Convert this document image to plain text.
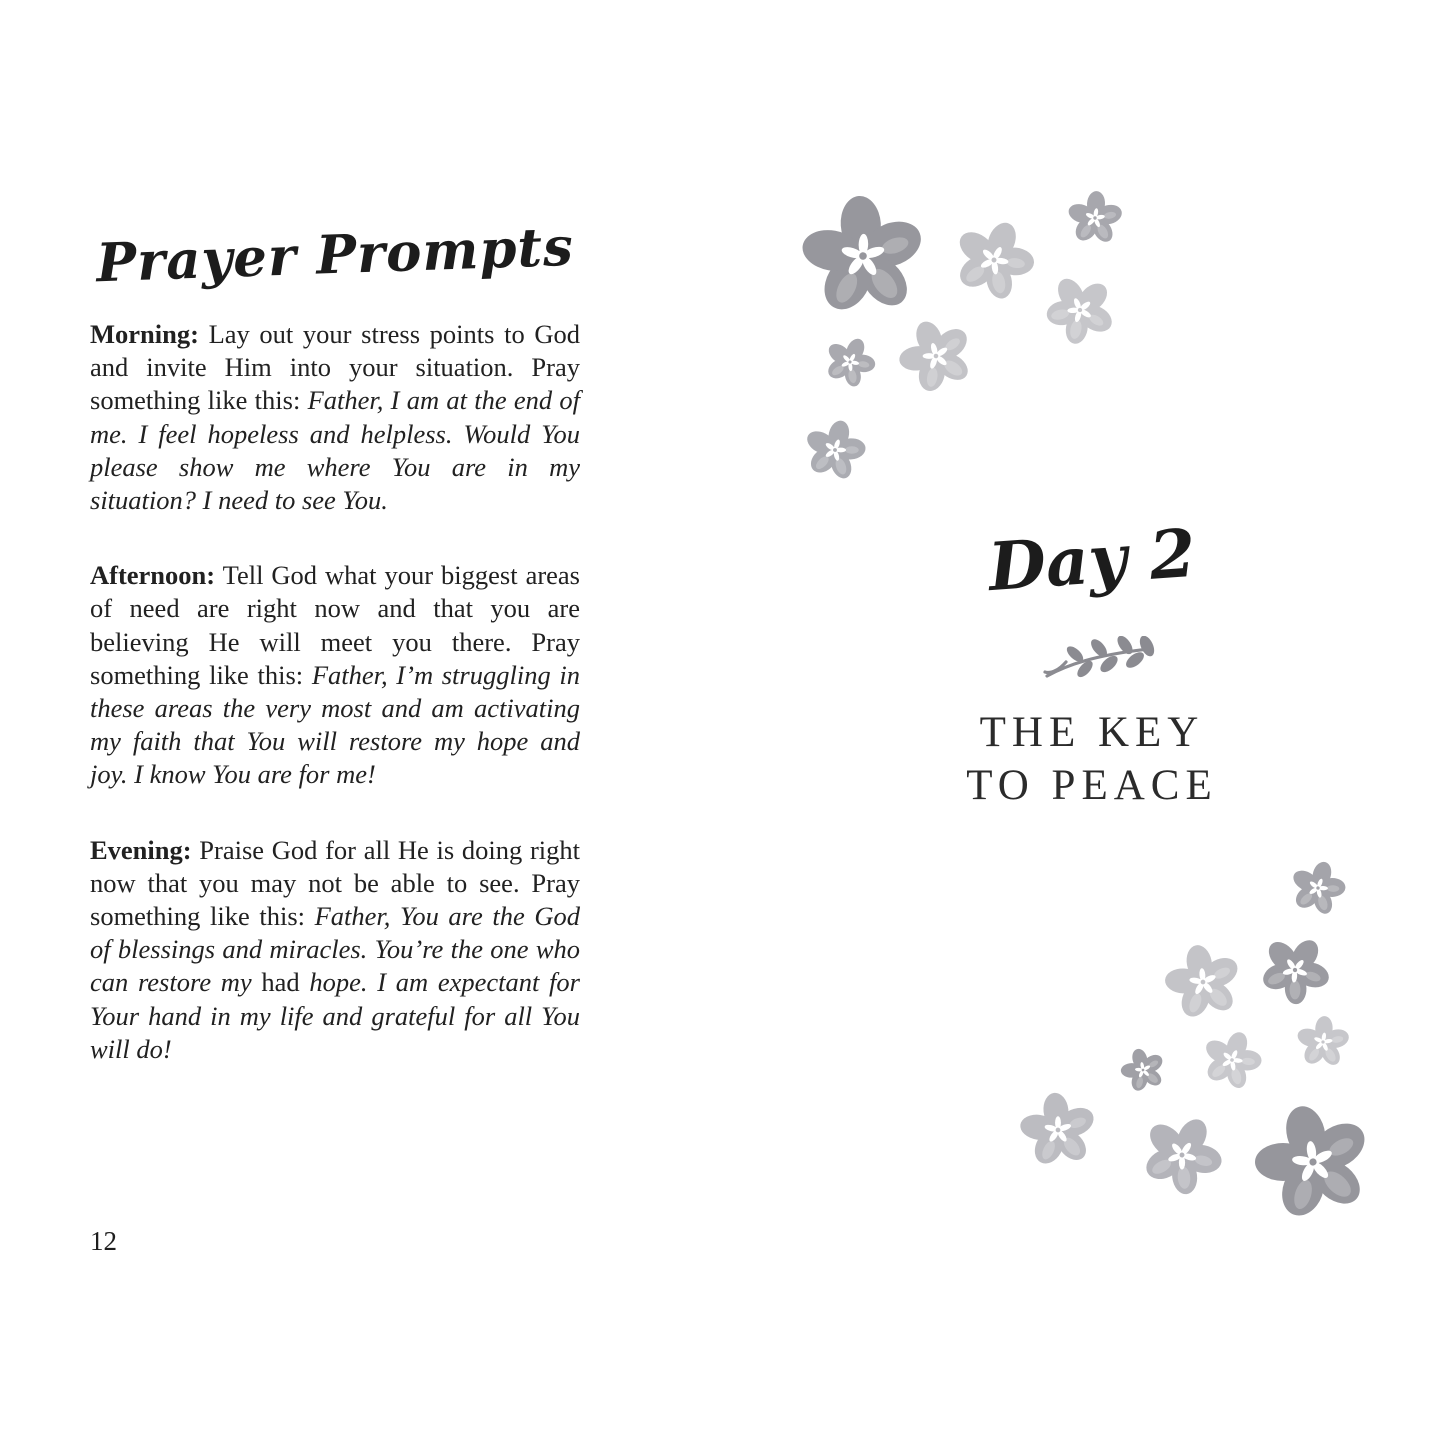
Prayer Prompts

Morning: Lay out your stress points to God and invite Him into your situation. Pray something like this: Father, I am at the end of me. I feel hopeless and helpless. Would You please show me where You are in my situation? I need to see You.

Afternoon: Tell God what your biggest areas of need are right now and that you are believing He will meet you there. Pray something like this: Father, I’m struggling in these areas the very most and am activating my faith that You will restore my hope and joy. I know You are for me!

Evening: Praise God for all He is doing right now that you may not be able to see. Pray something like this: Father, You are the God of blessings and miracles. You’re the one who can restore my had hope. I am expectant for Your hand in my life and grateful for all You will do!

12
Day 2
THE KEY
TO PEACE
